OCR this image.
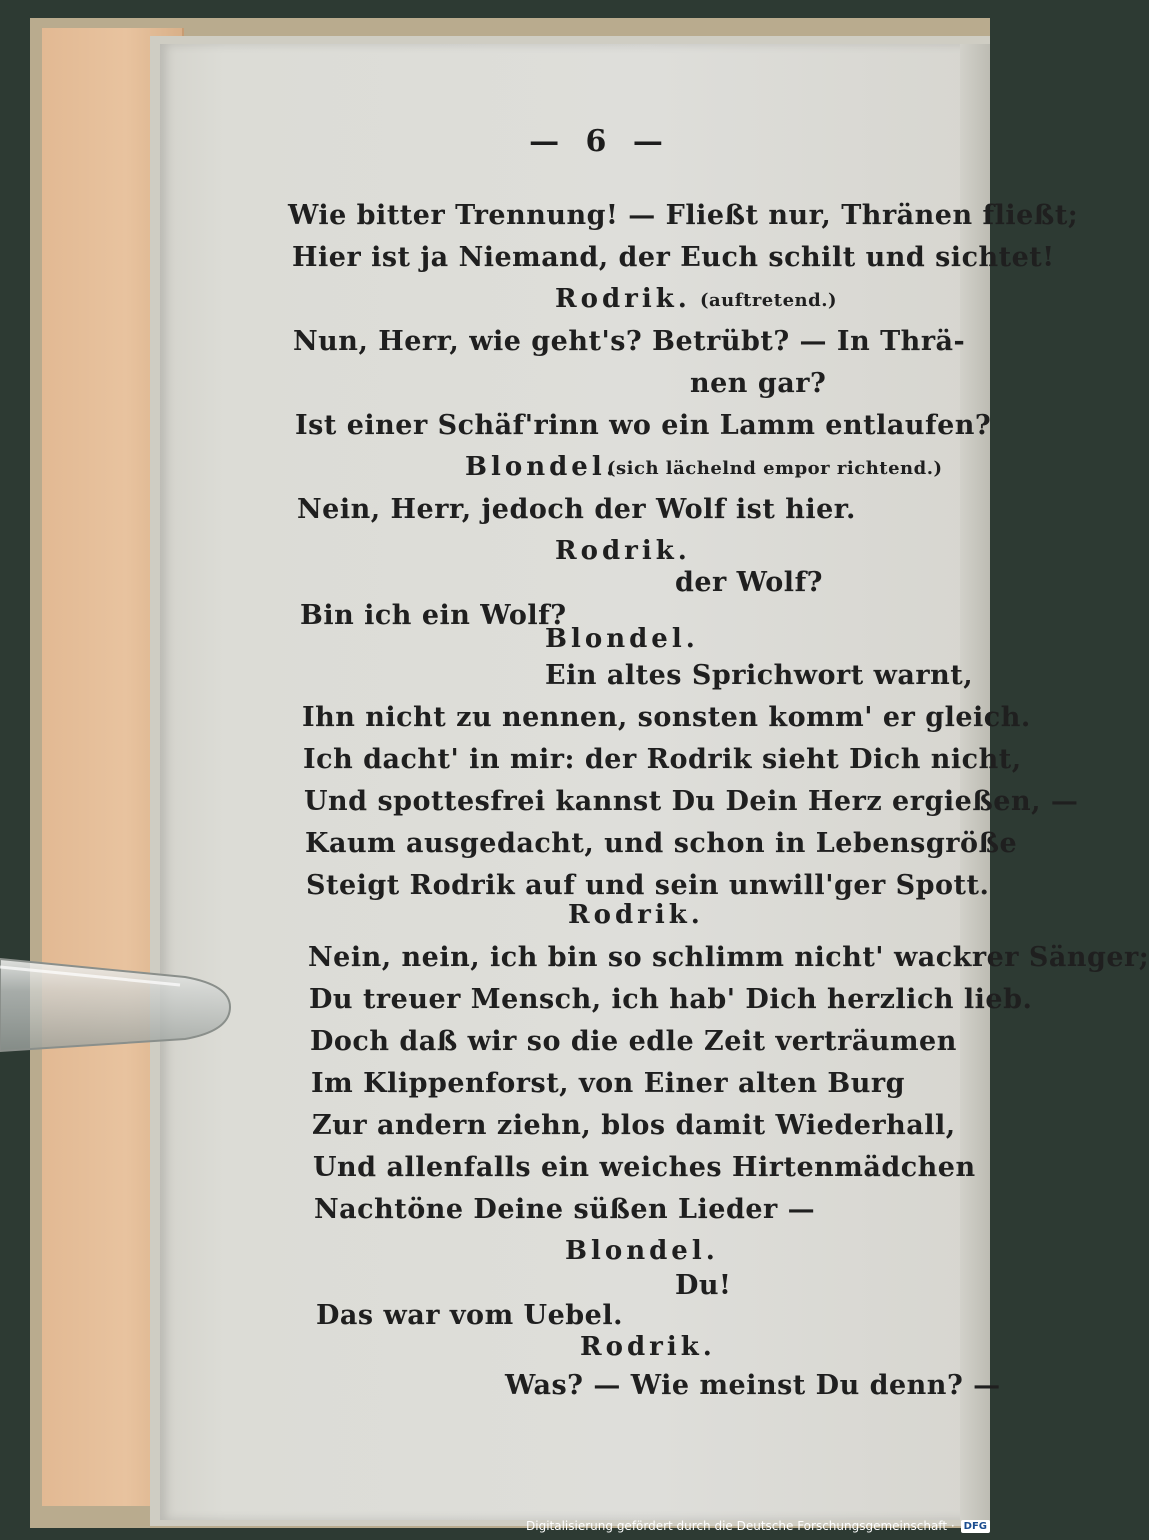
— 6 —
Wie bitter Trennung! — Fließt nur, Thränen fließt;
Hier ist ja Niemand, der Euch schilt und sichtet!
Rodrik. (auftretend.)
Nun, Herr, wie geht's? Betrübt? — In Thrä-
nen gar?
Ist einer Schäf'rinn wo ein Lamm entlaufen?
Blondel.
(sich lächelnd empor richtend.)
Nein, Herr, jedoch der Wolf ist hier.
Rodrik.
der Wolf?
Bin ich ein Wolf?
Blondel.
Ein altes Sprichwort warnt,
Ihn nicht zu nennen, sonsten komm' er gleich.
Ich dacht' in mir: der Rodrik sieht Dich nicht,
Und spottesfrei kannst Du Dein Herz ergießen, —
Kaum ausgedacht, und schon in Lebensgröße
Steigt Rodrik auf und sein unwill'ger Spott.
Rodrik.
Nein, nein, ich bin so schlimm nicht' wackrer Sänger;
Du treuer Mensch, ich hab' Dich herzlich lieb.
Doch daß wir so die edle Zeit verträumen
Im Klippenforst, von Einer alten Burg
Zur andern ziehn, blos damit Wiederhall,
Und allenfalls ein weiches Hirtenmädchen
Nachtöne Deine süßen Lieder —
Blondel.
Du!
Das war vom Uebel.
Rodrik.
Was? — Wie meinst Du denn? —
Digitalisierung gefördert durch die Deutsche Forschungsgemeinschaft · DFG
